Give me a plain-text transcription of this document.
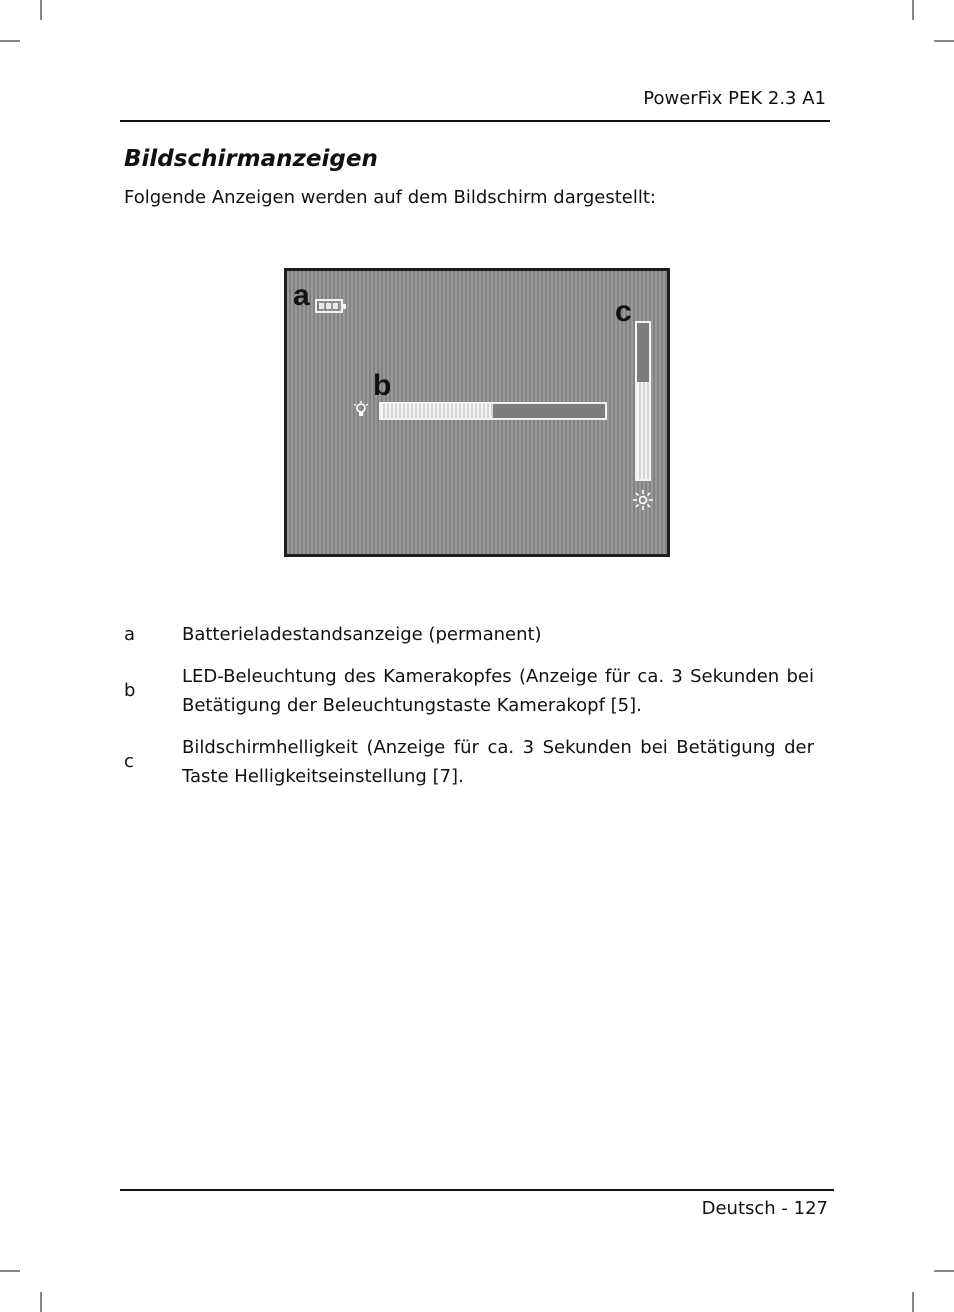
PowerFix PEK 2.3 A1
Bildschirmanzeigen
Folgende Anzeigen werden auf dem Bildschirm dargestellt:
a
b
c
a	Batterieladestandsanzeige (permanent)
b
LED-Beleuchtung des Kamerakopfes (Anzeige für ca. 3 Sekunden bei Betätigung der Beleuchtungstaste Kamerakopf [5].
c
Bildschirmhelligkeit (Anzeige für ca. 3 Sekunden bei Betätigung der Taste Helligkeitseinstellung [7].
Deutsch - 127
